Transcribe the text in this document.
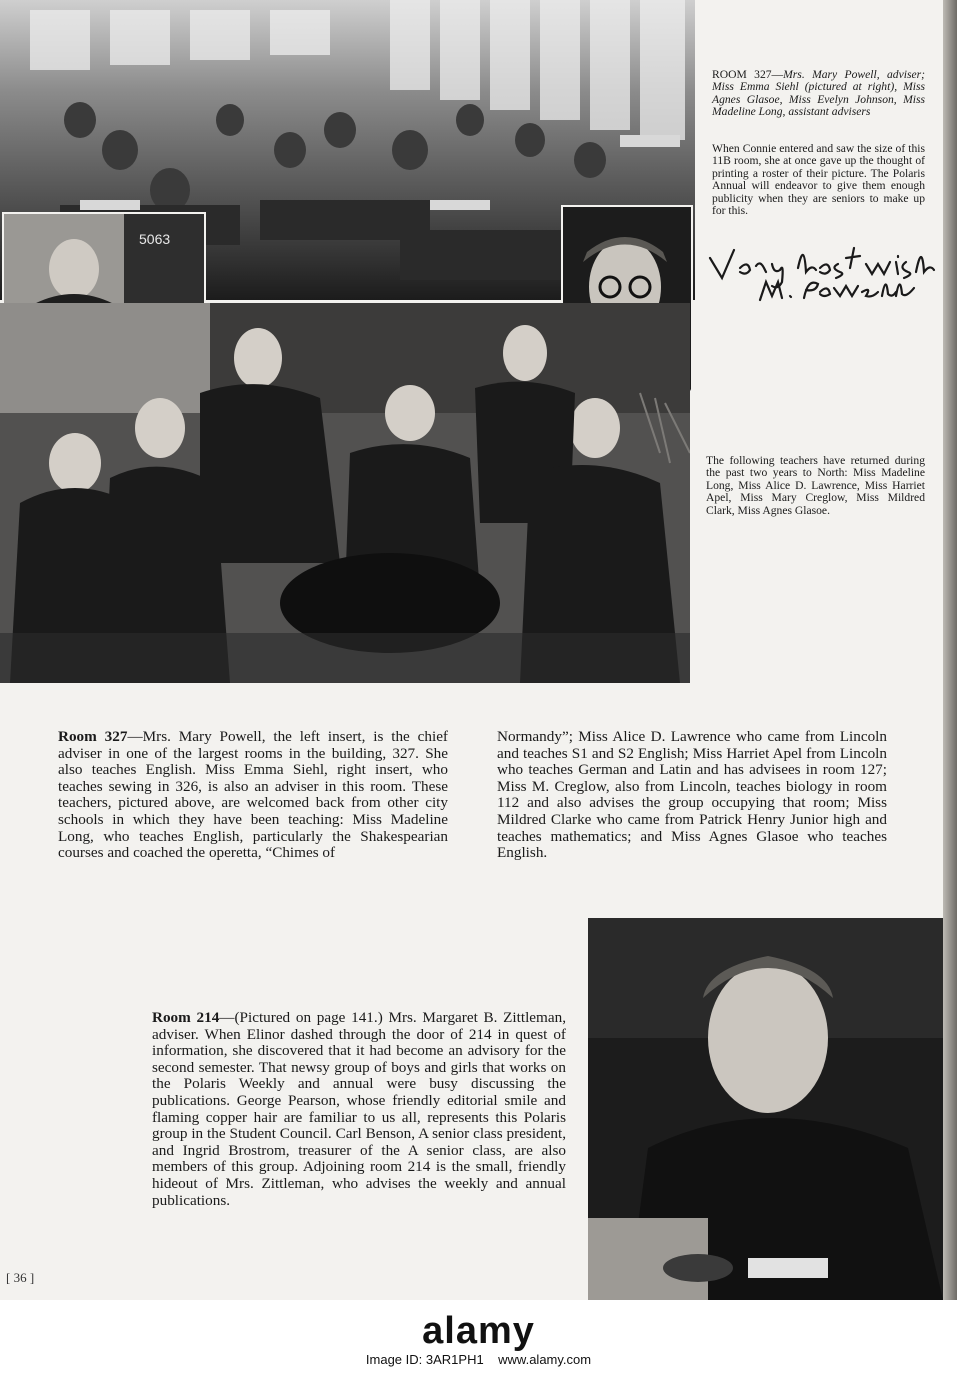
5063
ROOM 327—Mrs. Mary Powell, adviser; Miss Emma Siehl (pictured at right), Miss Agnes Glasoe, Miss Evelyn Johnson, Miss Madeline Long, assistant advisers
When Connie entered and saw the size of this 11B room, she at once gave up the thought of printing a roster of their picture. The Polaris Annual will endeavor to give them enough publicity when they are seniors to make up for this.
The following teachers have returned during the past two years to North: Miss Madeline Long, Miss Alice D. Lawrence, Miss Harriet Apel, Miss Mary Creglow, Miss Mildred Clark, Miss Agnes Glasoe.
Room 327—Mrs. Mary Powell, the left insert, is the chief adviser in one of the largest rooms in the building, 327. She also teaches English. Miss Emma Siehl, right insert, who teaches sewing in 326, is also an adviser in this room. These teachers, pictured above, are welcomed back from other city schools in which they have been teaching: Miss Madeline Long, who teaches English, particularly the Shakespearian courses and coached the operetta, “Chimes of
Normandy”; Miss Alice D. Lawrence who came from Lincoln and teaches S1 and S2 English; Miss Harriet Apel from Lincoln who teaches German and Latin and has advisees in room 127; Miss M. Creglow, also from Lincoln, teaches biology in room 112 and also advises the group occupying that room; Miss Mildred Clarke who came from Patrick Henry Junior high and teaches mathematics; and Miss Agnes Glasoe who teaches English.
Room 214—(Pictured on page 141.) Mrs. Margaret B. Zittleman, adviser. When Elinor dashed through the door of 214 in quest of information, she discovered that it had become an advisory for the second semester. That newsy group of boys and girls that works on the Polaris Weekly and annual were busy discussing the publications. George Pearson, whose friendly editorial smile and flaming copper hair are familiar to us all, represents this Polaris group in the Student Council. Carl Benson, A senior class president, and Ingrid Brostrom, treasurer of the A senior class, are also members of this group. Adjoining room 214 is the small, friendly hideout of Mrs. Zittleman, who advises the weekly and annual publications.
[ 36 ]
alamy
Image ID: 3AR1PH1 www.alamy.com
